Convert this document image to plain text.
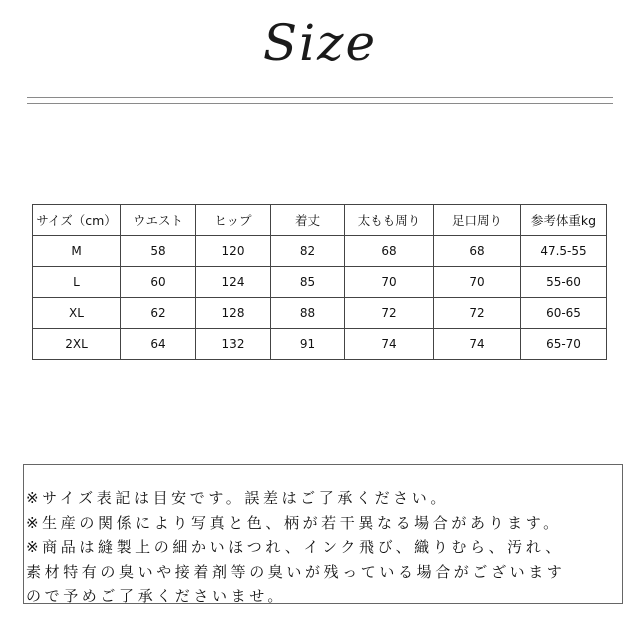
Size
サイズ（cm）	ウエスト	ヒップ	着丈	太もも周り	足口周り	参考体重kg
M	58	120	82	68	68	47.5-55
L	60	124	85	70	70	55-60
XL	62	128	88	72	72	60-65
2XL	64	132	91	74	74	65-70
※サイズ表記は目安です。誤差はご了承ください。
※生産の関係により写真と色、柄が若干異なる場合があります。
※商品は縫製上の細かいほつれ、インク飛び、織りむら、汚れ、
素材特有の臭いや接着剤等の臭いが残っている場合がございます
ので予めご了承くださいませ。
